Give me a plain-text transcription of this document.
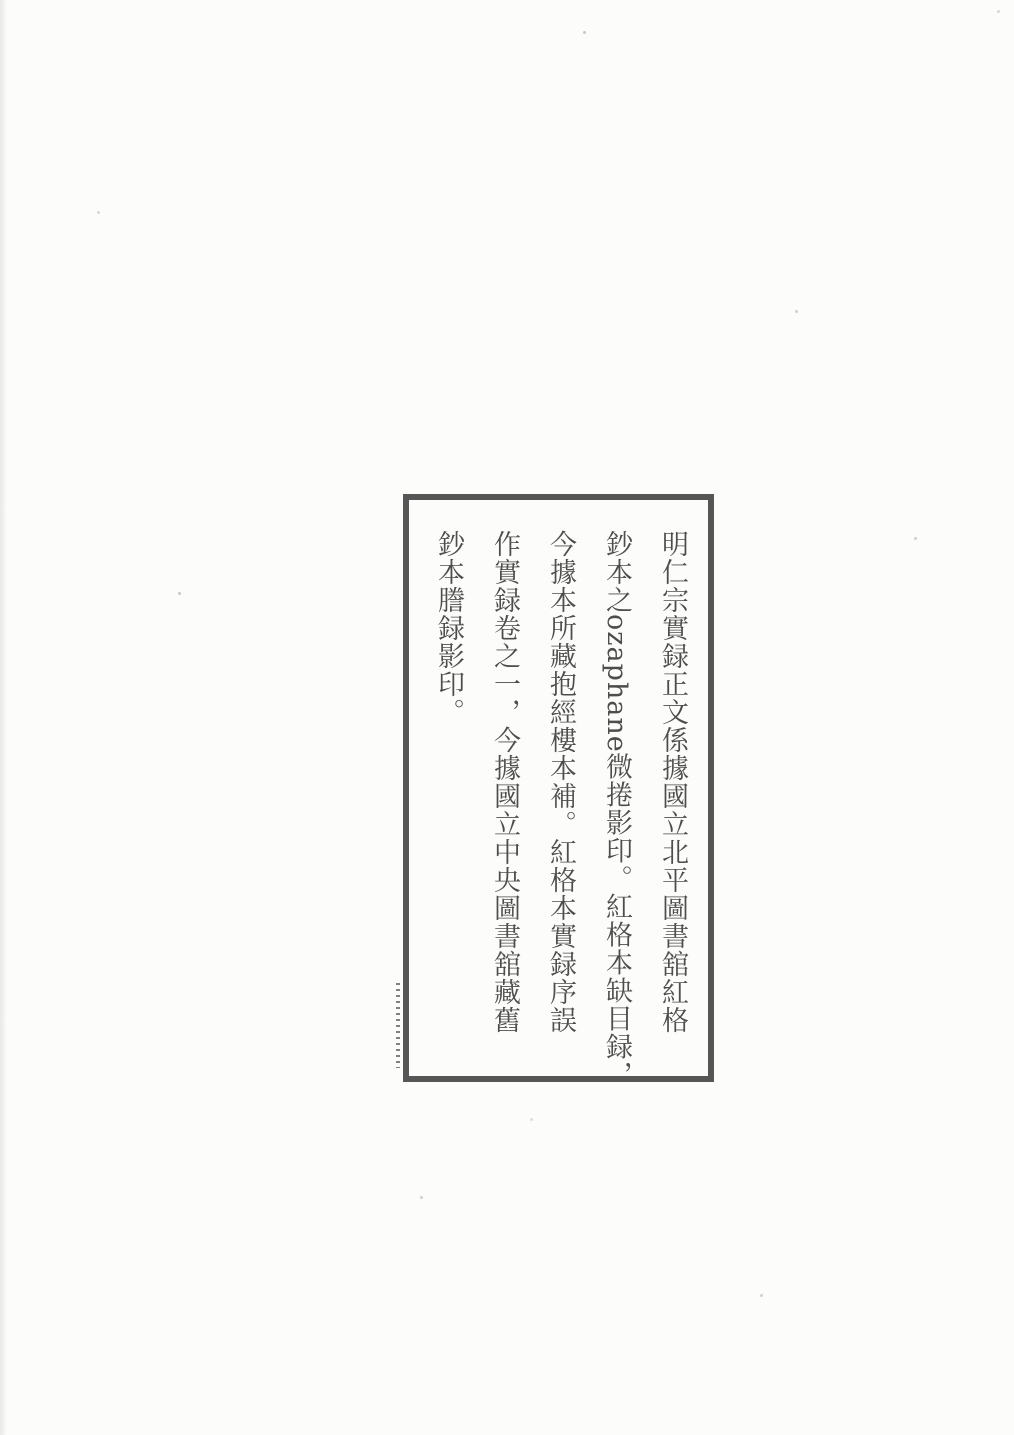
明仁宗實録正文係據國立北平圖書舘紅格
鈔本之ozaphane微捲影印。紅格本缺目録，
今據本所藏抱經樓本補。紅格本實録序誤
作實録卷之一，今據國立中央圖書舘藏舊
鈔本謄録影印。
